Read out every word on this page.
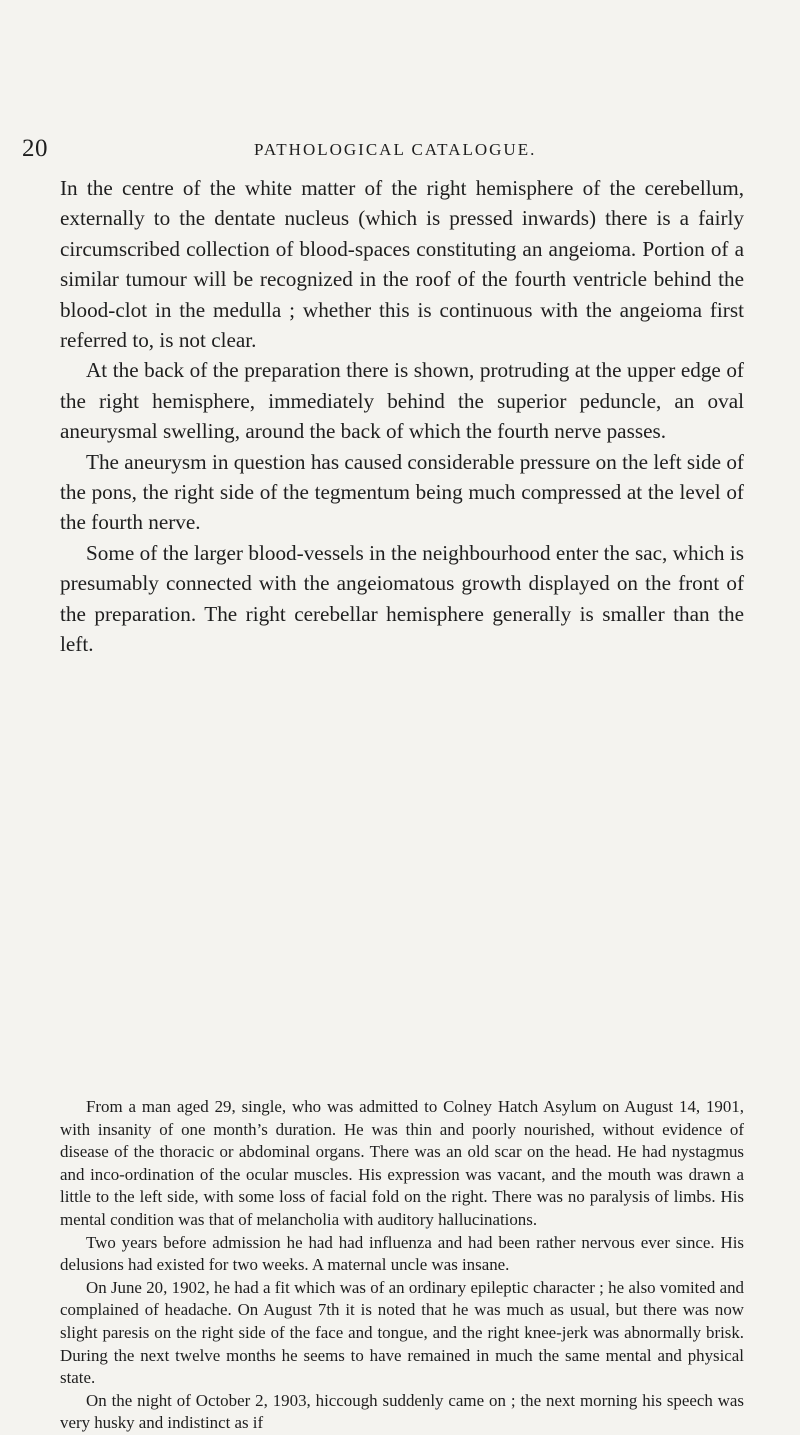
20	PATHOLOGICAL CATALOGUE.

In the centre of the white matter of the right hemisphere of the cerebellum, externally to the dentate nucleus (which is pressed inwards) there is a fairly circumscribed collection of blood-spaces constituting an angeioma. Portion of a similar tumour will be recognized in the roof of the fourth ventricle behind the blood-clot in the medulla ; whether this is continuous with the angeioma first referred to, is not clear.

At the back of the preparation there is shown, protruding at the upper edge of the right hemisphere, immediately behind the superior peduncle, an oval aneurysmal swelling, around the back of which the fourth nerve passes.

The aneurysm in question has caused considerable pressure on the left side of the pons, the right side of the tegmentum being much compressed at the level of the fourth nerve.

Some of the larger blood-vessels in the neighbourhood enter the sac, which is presumably connected with the angeiomatous growth displayed on the front of the preparation. The right cerebellar hemisphere generally is smaller than the left.

From a man aged 29, single, who was admitted to Colney Hatch Asylum on August 14, 1901, with insanity of one month’s duration. He was thin and poorly nourished, without evidence of disease of the thoracic or abdominal organs. There was an old scar on the head. He had nystagmus and inco-ordination of the ocular muscles. His expression was vacant, and the mouth was drawn a little to the left side, with some loss of facial fold on the right. There was no paralysis of limbs. His mental condition was that of melancholia with auditory hallucinations.

Two years before admission he had had influenza and had been rather nervous ever since. His delusions had existed for two weeks. A maternal uncle was insane.

On June 20, 1902, he had a fit which was of an ordinary epileptic character ; he also vomited and complained of headache. On August 7th it is noted that he was much as usual, but there was now slight paresis on the right side of the face and tongue, and the right knee-jerk was abnormally brisk. During the next twelve months he seems to have remained in much the same mental and physical state.

On the night of October 2, 1903, hiccough suddenly came on ; the next morning his speech was very husky and indistinct as if
